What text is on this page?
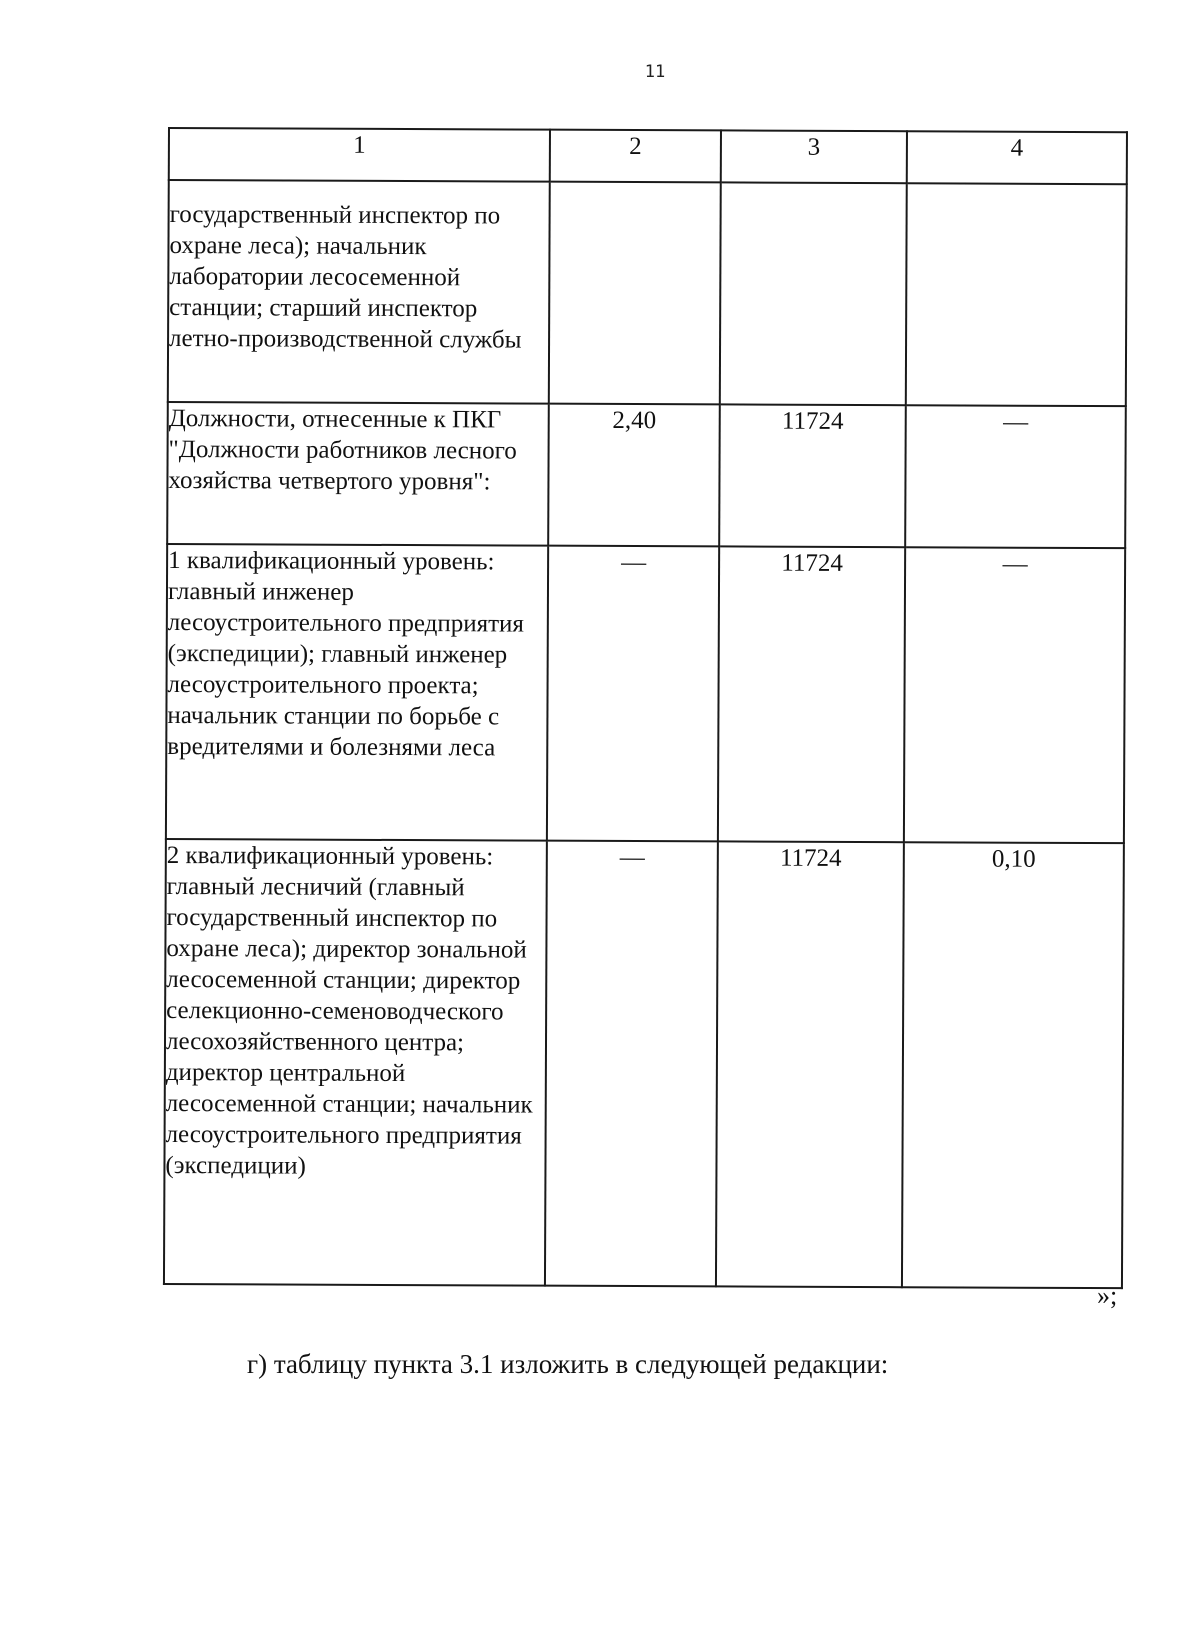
11
1	2	3	4
государственный инспектор по охране леса); начальник лаборатории лесосеменной станции; старший инспектор летно-производственной службы			
Должности, отнесенные к ПКГ "Должности работников лесного хозяйства четвертого уровня":	2,40	11724	—
1 квалификационный уровень: главный инженер лесоустроительного предприятия (экспедиции); главный инженер лесоустроительного проекта; начальник станции по борьбе с вредителями и болезнями леса	—	11724	—
2 квалификационный уровень: главный лесничий (главный государственный инспектор по охране леса); директор зональной лесосеменной станции; директор селекционно-семеноводческого лесохозяйственного центра; директор центральной лесосеменной станции; начальник лесоустроительного предприятия (экспедиции)	—	11724	0,10
»;
г) таблицу пункта 3.1 изложить в следующей редакции:
